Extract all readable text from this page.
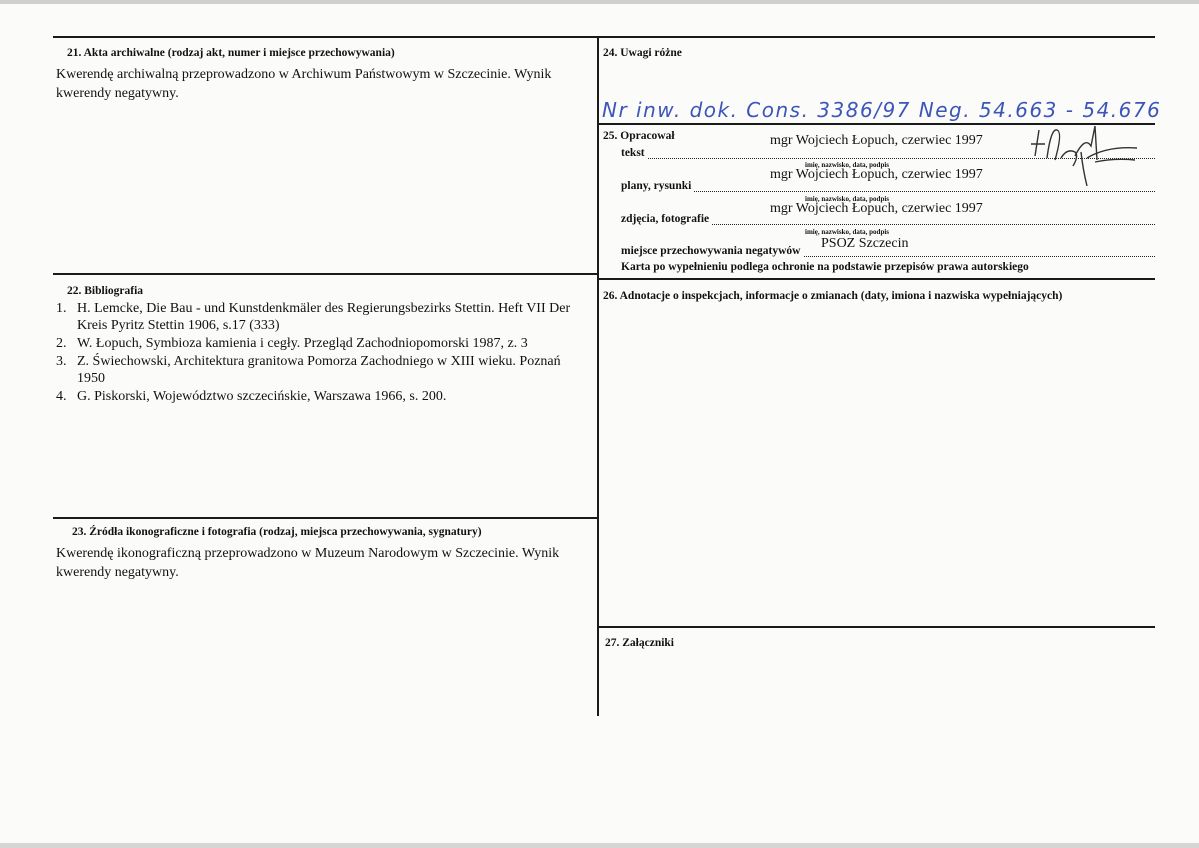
21. Akta archiwalne (rodzaj akt, numer i miejsce przechowywania)
Kwerendę archiwalną przeprowadzono w Archiwum Państwowym w Szczecinie. Wynik kwerendy negatywny.
22. Bibliografia
1. H. Lemcke, Die Bau - und Kunstdenkmäler des Regierungsbezirks Stettin. Heft VII Der Kreis Pyritz Stettin 1906, s.17 (333)
2. W. Łopuch, Symbioza kamienia i cegły. Przegląd Zachodniopomorski 1987, z. 3
3. Z. Świechowski, Architektura granitowa Pomorza Zachodniego w XIII wieku. Poznań 1950
4. G. Piskorski, Województwo szczecińskie, Warszawa 1966, s. 200.
23. Źródła ikonograficzne i fotografia (rodzaj, miejsca przechowywania, sygnatury)
Kwerendę ikonograficzną przeprowadzono w Muzeum Narodowym w Szczecinie. Wynik kwerendy negatywny.
24. Uwagi różne
Nr inw. dok. Cons. 3386/97 Neg. 54.663 - 54.676
25. Opracował
tekst
mgr Wojciech Łopuch, czerwiec 1997
imię, nazwisko, data, podpis
plany, rysunki
mgr Wojciech Łopuch, czerwiec 1997
imię, nazwisko, data, podpis
zdjęcia, fotografie
mgr Wojciech Łopuch, czerwiec 1997
imię, nazwisko, data, podpis
miejsce przechowywania negatywów PSOZ Szczecin
Karta po wypełnieniu podlega ochronie na podstawie przepisów prawa autorskiego
26. Adnotacje o inspekcjach, informacje o zmianach (daty, imiona i nazwiska wypełniających)
27. Załączniki
